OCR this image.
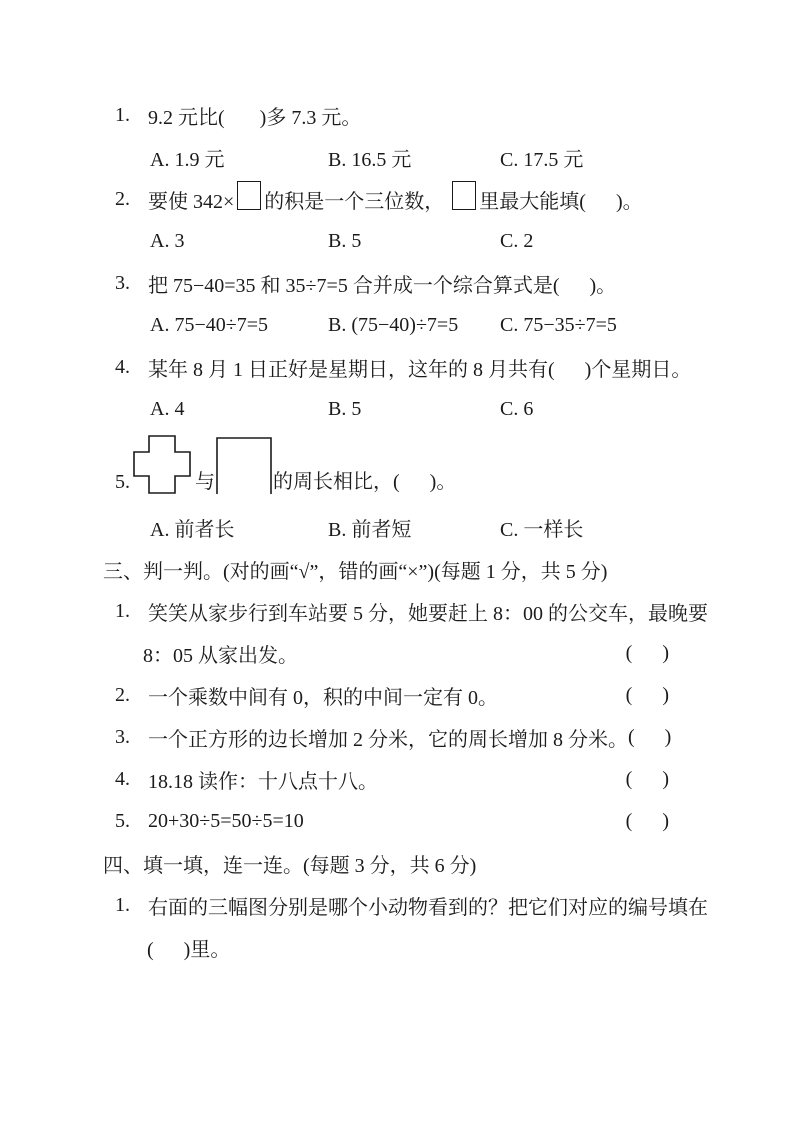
1. 9.2 元比(       )多 7.3 元。
A. 1.9 元	B. 16.5 元	C. 17.5 元
2. 要使 342× 的积是一个三位数， 里最大能填(      )。
A. 3	B. 5	C. 2
3. 把 75−40=35 和 35÷7=5 合并成一个综合算式是(      )。
A. 75−40÷7=5	B. (75−40)÷7=5	C. 75−35÷7=5
4. 某年 8 月 1 日正好是星期日，这年的 8 月共有(      )个星期日。
A. 4	B. 5	C. 6
5.	与	的周长相比，(      )。
A. 前者长	B. 前者短	C. 一样长
三、判一判。(对的画“√”，错的画“×”)(每题 1 分，共 5 分)
1. 笑笑从家步行到车站要 5 分，她要赶上 8：00 的公交车，最晚要
8：05 从家出发。	(      )
2. 一个乘数中间有 0，积的中间一定有 0。	(      )
3. 一个正方形的边长增加 2 分米，它的周长增加 8 分米。 (      )
4. 18.18 读作：十八点十八。	(      )
5. 20+30÷5=50÷5=10	(      )
四、填一填，连一连。(每题 3 分，共 6 分)
1. 右面的三幅图分别是哪个小动物看到的？把它们对应的编号填在
(      )里。
